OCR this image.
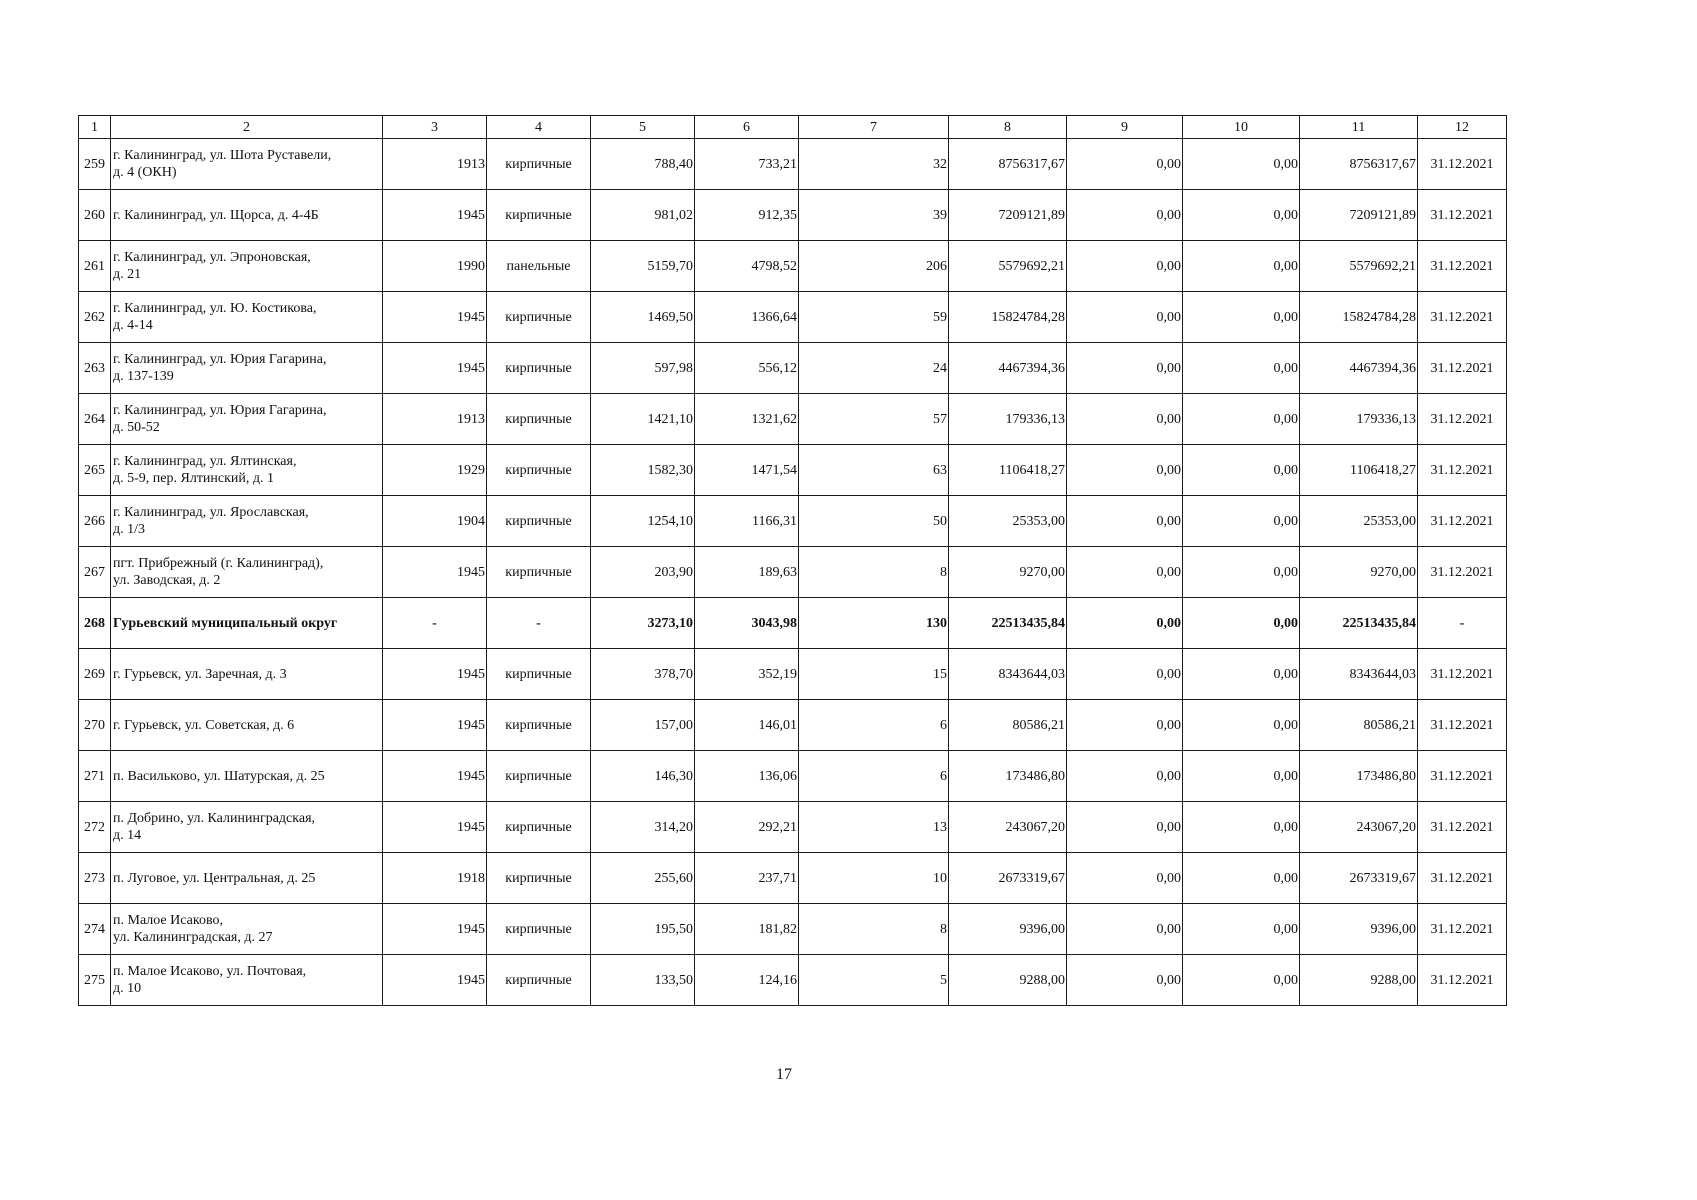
1	2	3	4	5	6	7	8	9	10	11	12
259	г. Калининград, ул. Шота Руставели,
д. 4 (ОКН)	1913	кирпичные	788,40	733,21	32	8756317,67	0,00	0,00	8756317,67	31.12.2021
260	г. Калининград, ул. Щорса, д. 4-4Б	1945	кирпичные	981,02	912,35	39	7209121,89	0,00	0,00	7209121,89	31.12.2021
261	г. Калининград, ул. Эпроновская,
д. 21	1990	панельные	5159,70	4798,52	206	5579692,21	0,00	0,00	5579692,21	31.12.2021
262	г. Калининград, ул. Ю. Костикова,
д. 4-14	1945	кирпичные	1469,50	1366,64	59	15824784,28	0,00	0,00	15824784,28	31.12.2021
263	г. Калининград, ул. Юрия Гагарина,
д. 137-139	1945	кирпичные	597,98	556,12	24	4467394,36	0,00	0,00	4467394,36	31.12.2021
264	г. Калининград, ул. Юрия Гагарина,
д. 50-52	1913	кирпичные	1421,10	1321,62	57	179336,13	0,00	0,00	179336,13	31.12.2021
265	г. Калининград, ул. Ялтинская,
д. 5-9, пер. Ялтинский, д. 1	1929	кирпичные	1582,30	1471,54	63	1106418,27	0,00	0,00	1106418,27	31.12.2021
266	г. Калининград, ул. Ярославская,
д. 1/3	1904	кирпичные	1254,10	1166,31	50	25353,00	0,00	0,00	25353,00	31.12.2021
267	пгт. Прибрежный (г. Калининград),
ул. Заводская, д. 2	1945	кирпичные	203,90	189,63	8	9270,00	0,00	0,00	9270,00	31.12.2021
268	Гурьевский муниципальный округ	-	-	3273,10	3043,98	130	22513435,84	0,00	0,00	22513435,84	-
269	г. Гурьевск, ул. Заречная, д. 3	1945	кирпичные	378,70	352,19	15	8343644,03	0,00	0,00	8343644,03	31.12.2021
270	г. Гурьевск, ул. Советская, д. 6	1945	кирпичные	157,00	146,01	6	80586,21	0,00	0,00	80586,21	31.12.2021
271	п. Васильково, ул. Шатурская, д. 25	1945	кирпичные	146,30	136,06	6	173486,80	0,00	0,00	173486,80	31.12.2021
272	п. Добрино, ул. Калининградская,
д. 14	1945	кирпичные	314,20	292,21	13	243067,20	0,00	0,00	243067,20	31.12.2021
273	п. Луговое, ул. Центральная, д. 25	1918	кирпичные	255,60	237,71	10	2673319,67	0,00	0,00	2673319,67	31.12.2021
274	п. Малое Исаково,
ул. Калининградская, д. 27	1945	кирпичные	195,50	181,82	8	9396,00	0,00	0,00	9396,00	31.12.2021
275	п. Малое Исаково, ул. Почтовая,
д. 10	1945	кирпичные	133,50	124,16	5	9288,00	0,00	0,00	9288,00	31.12.2021
17
